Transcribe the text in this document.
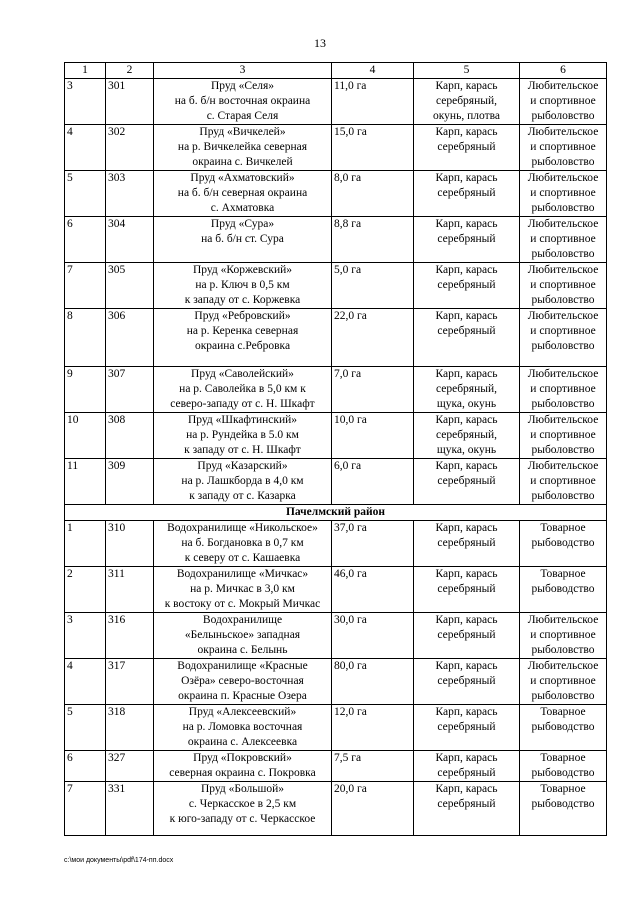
13
1	2	3	4	5	6
3	301	Пруд «Селя»
на б. б/н восточная окраина
с. Старая Селя	11,0 га	Карп, карась
серебряный,
окунь, плотва	Любительское
и спортивное
рыболовство

4	302	Пруд «Вичкелей»
на р. Вичкелейка северная
окраина с. Вичкелей	15,0 га	Карп, карась
серебряный	Любительское
и спортивное
рыболовство

5	303	Пруд «Ахматовский»
на б. б/н северная окраина
с. Ахматовка	8,0 га	Карп, карась
серебряный	Любительское
и спортивное
рыболовство

6	304	Пруд «Сура»
на б. б/н ст. Сура	8,8 га	Карп, карась
серебряный	Любительское
и спортивное
рыболовство

7	305	Пруд «Коржевский»
на р. Ключ в 0,5 км
к западу от с. Коржевка	5,0 га	Карп, карась
серебряный	Любительское
и спортивное
рыболовство

8	306	Пруд «Ребровский»
на р. Керенка северная
окраина с.Ребровка	22,0 га	Карп, карась
серебряный	Любительское
и спортивное
рыболовство

9	307	Пруд «Саволейский»
на р. Саволейка в 5,0 км к
северо-западу от с. Н. Шкафт	7,0 га	Карп, карась
серебряный,
щука, окунь	Любительское
и спортивное
рыболовство

10	308	Пруд «Шкафтинский»
на р. Рундейка в 5.0 км
к западу от с. Н. Шкафт	10,0 га	Карп, карась
серебряный,
щука, окунь	Любительское
и спортивное
рыболовство

11	309	Пруд «Казарский»
на р. Лашкборда в 4,0 км
к западу от с. Казарка	6,0 га	Карп, карась
серебряный	Любительское
и спортивное
рыболовство

Пачелмский район					
1	310	Водохранилище «Никольское»
на б. Богдановка в 0,7 км
к северу от с. Кашаевка	37,0 га	Карп, карась
серебряный	Товарное
рыбоводство

2	311	Водохранилище «Мичкас»
на р. Мичкас в 3,0 км
к востоку от с. Мокрый Мичкас	46,0 га	Карп, карась
серебряный	Товарное
рыбоводство

3	316	Водохранилище
«Белыньское» западная
окраина с. Белынь	30,0 га	Карп, карась
серебряный	Любительское
и спортивное
рыболовство

4	317	Водохранилище «Красные
Озёра» северо-восточная
окраина п. Красные Озера	80,0 га	Карп, карась
серебряный	Любительское
и спортивное
рыболовство

5	318	Пруд «Алексеевский»
на р. Ломовка восточная
окраина с. Алексеевка	12,0 га	Карп, карась
серебряный	Товарное
рыбоводство

6	327	Пруд «Покровский»
северная окраина с. Покровка	7,5 га	Карп, карась
серебряный	Товарное
рыбоводство

7	331	Пруд «Большой»
с. Черкасское в 2,5 км
к юго-западу от с. Черкасское	20,0 га	Карп, карась
серебряный	Товарное
рыбоводство
c:\мои документы\pdf\174-пп.docx
